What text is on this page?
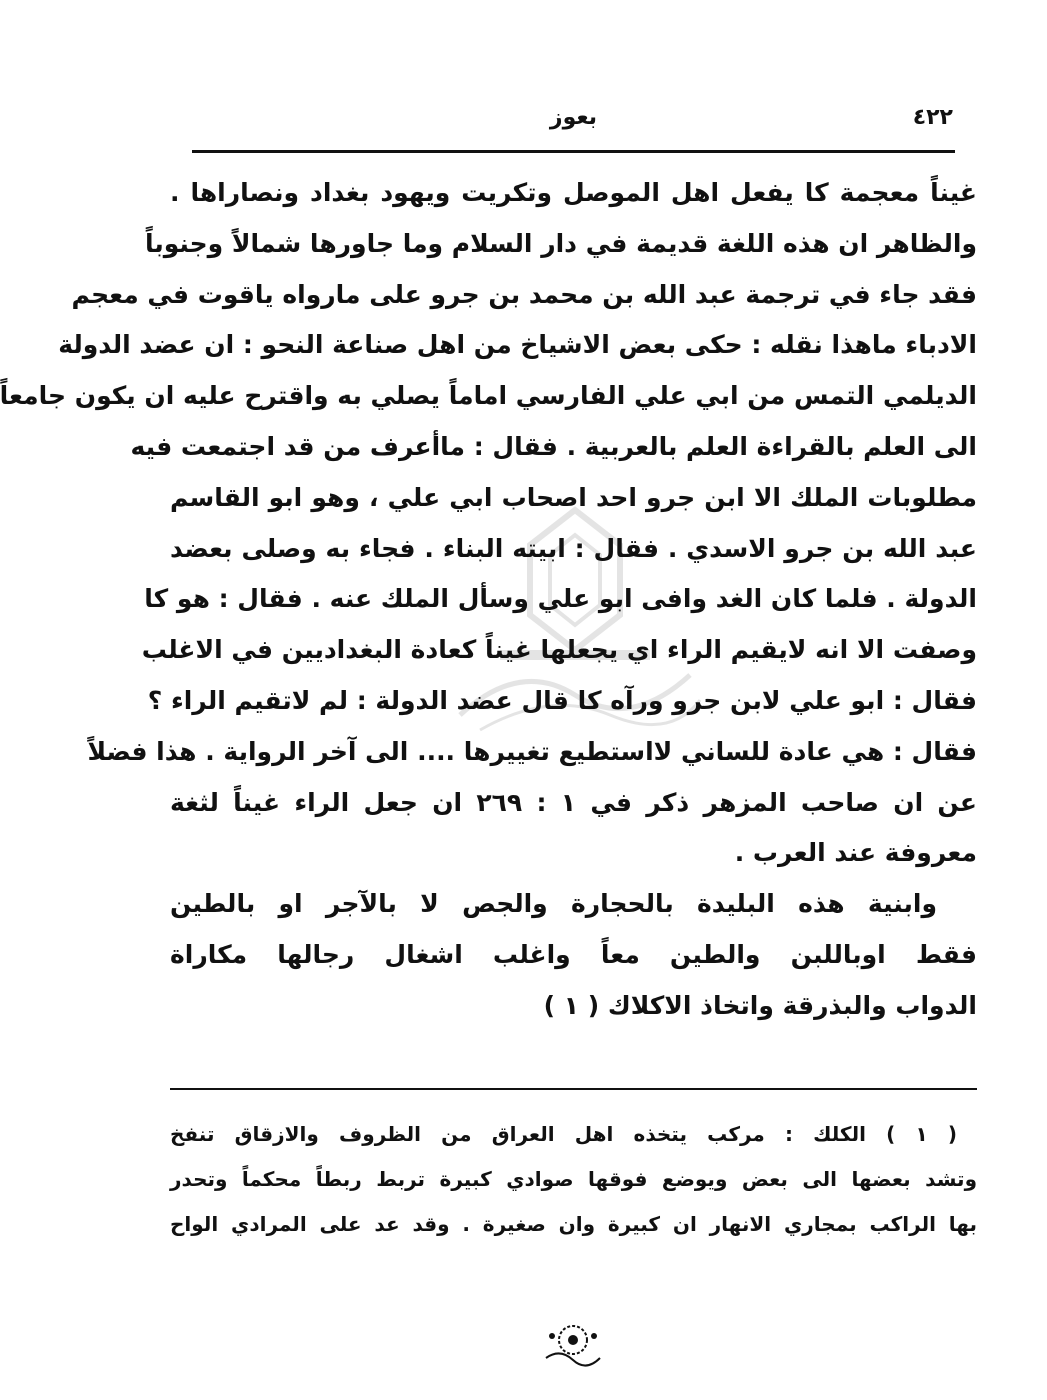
٤٢٢
بعوز
غيناً معجمة كا يفعل اهل الموصل وتكريت ويهود بغداد ونصاراها .
والظاهر ان هذه اللغة قديمة في دار السلام وما جاورها شمالاً وجنوباً
فقد جاء في ترجمة عبد الله بن محمد بن جرو على مارواه ياقوت في معجم
الادباء ماهذا نقله : حكى بعض الاشياخ من اهل صناعة النحو : ان عضد الدولة
الديلمي التمس من ابي علي الفارسي اماماً يصلي به واقترح عليه ان يكون جامعاً
الى العلم بالقراءة العلم بالعربية . فقال : ماأعرف من قد اجتمعت فيه
مطلوبات الملك الا ابن جرو احد اصحاب ابي علي ، وهو ابو القاسم
عبد الله بن جرو الاسدي . فقال : ابيته البناء . فجاء به وصلى بعضد
الدولة . فلما كان الغد وافى ابو علي وسأل الملك عنه . فقال : هو كا
وصفت الا انه لايقيم الراء اي يجعلها غيناً كعادة البغداديين في الاغلب
فقال : ابو علي لابن جرو ورآه كا قال عضد الدولة : لم لاتقيم الراء ؟
فقال : هي عادة للساني لااستطيع تغييرها .... الى آخر الرواية . هذا فضلاً
عن ان صاحب المزهر ذكر في ١ : ٢٦٩ ان جعل الراء غيناً لثغة
معروفة عند العرب .
وابنية هذه البليدة بالحجارة والجص لا بالآجر او بالطين
فقط اوباللبن والطين معاً واغلب اشغال رجالها مكاراة
الدواب والبذرقة واتخاذ الاكلاك ( ١ )
( ١ ) الكلك : مركب يتخذه اهل العراق من الظروف والازقاق تنفخ
وتشد بعضها الى بعض ويوضع فوقها صوادي كبيرة تربط ربطاً محكماً وتحدر
بها الراكب بمجاري الانهار ان كبيرة وان صغيرة . وقد عد على المرادي الواح
